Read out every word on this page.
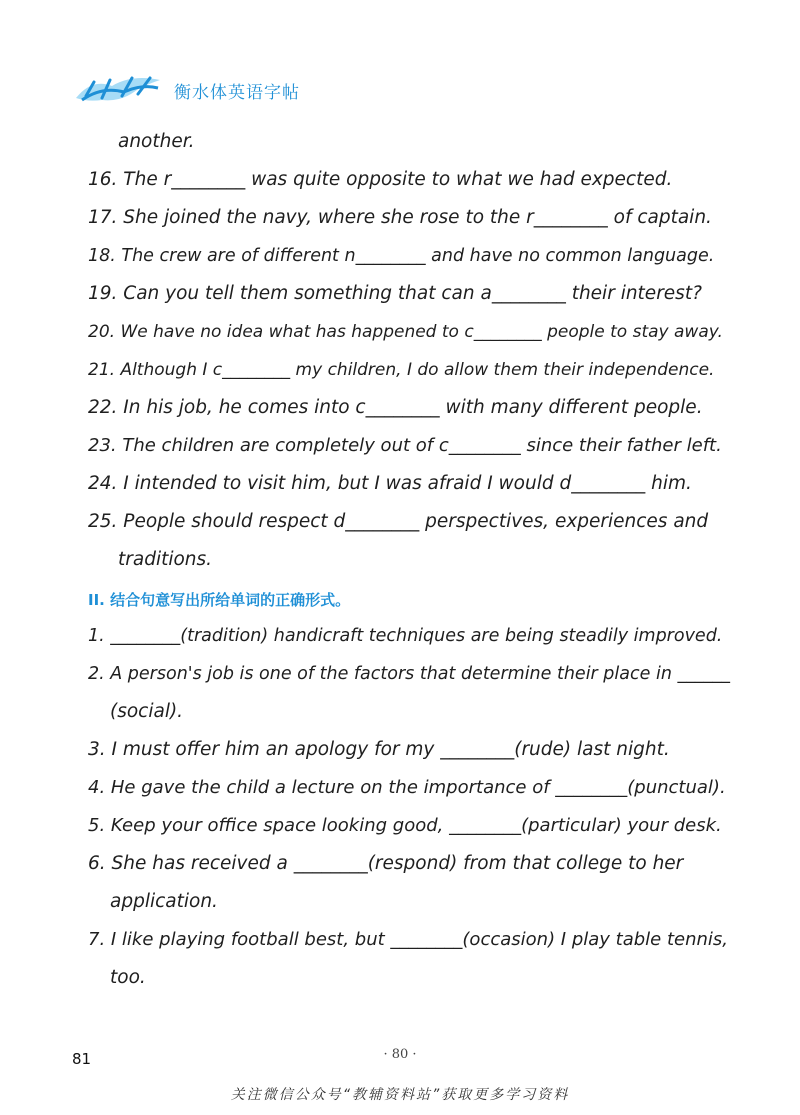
衡水体英语字帖
another.
16. The r________ was quite opposite to what we had expected.
17. She joined the navy, where she rose to the r________ of captain.
18. The crew are of different n________ and have no common language.
19. Can you tell them something that can a________ their interest?
20. We have no idea what has happened to c________ people to stay away.
21. Although I c________ my children, I do allow them their independence.
22. In his job, he comes into c________ with many different people.
23. The children are completely out of c________ since their father left.
24. I intended to visit him, but I was afraid I would d________ him.
25. People should respect d________ perspectives, experiences and
traditions.
II. 结合句意写出所给单词的正确形式。
1. ________(tradition) handicraft techniques are being steadily improved.
2. A person's job is one of the factors that determine their place in ______
(social).
3. I must offer him an apology for my ________(rude) last night.
4. He gave the child a lecture on the importance of ________(punctual).
5. Keep your office space looking good, ________(particular) your desk.
6. She has received a ________(respond) from that college to her
application.
7. I like playing football best, but ________(occasion) I play table tennis,
too.
81	· 80 ·
关注微信公众号“教辅资料站”获取更多学习资料
